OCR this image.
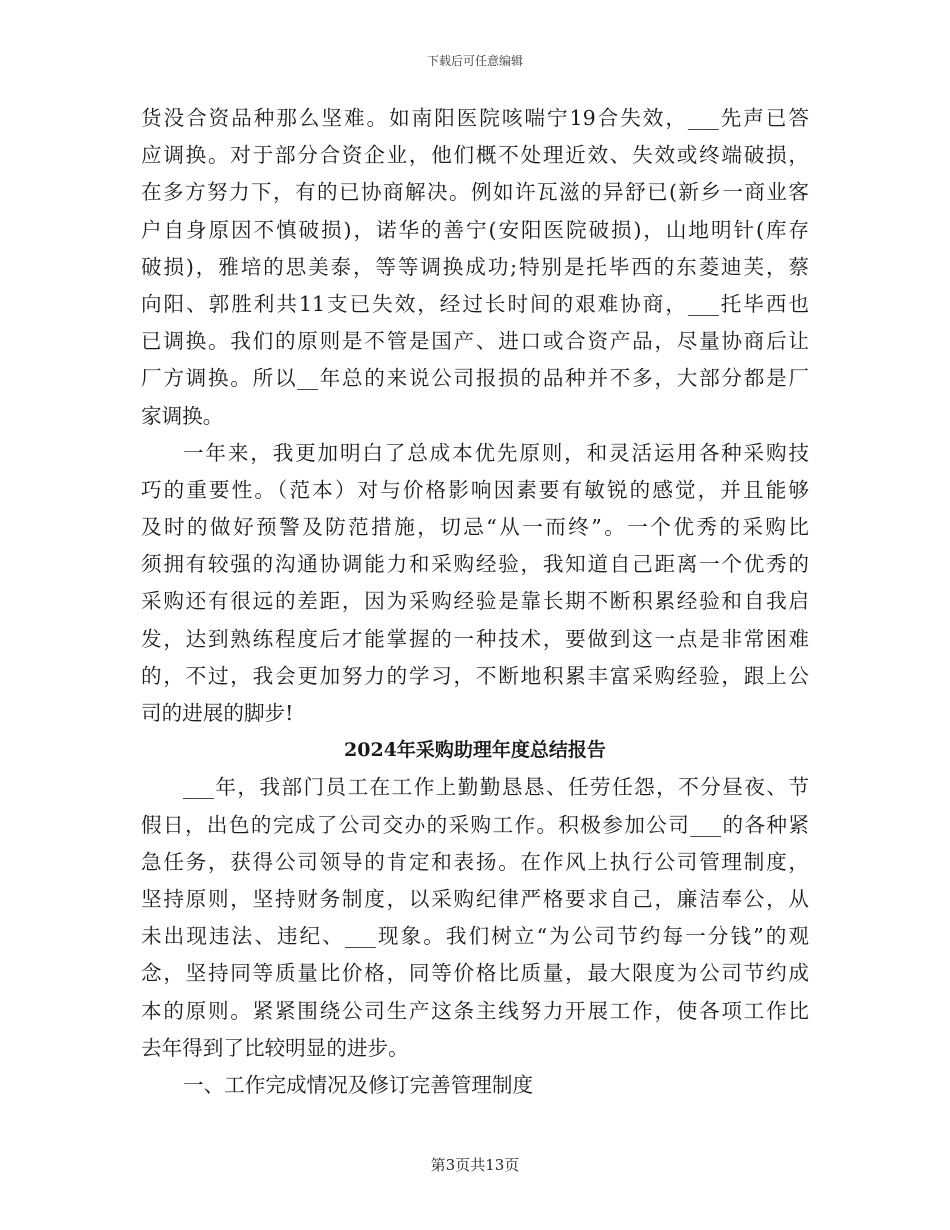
下载后可任意编辑
货没合资品种那么坚难。如南阳医院咳喘宁19合失效，___先声已答
应调换。对于部分合资企业，他们概不处理近效、失效或终端破损，
在多方努力下，有的已协商解决。例如许瓦滋的异舒已(新乡一商业客
户自身原因不慎破损)，诺华的善宁(安阳医院破损)，山地明针(库存
破损)，雅培的思美泰，等等调换成功;特别是托毕西的东菱迪芙，蔡
向阳、郭胜利共11支已失效，经过长时间的艰难协商，___托毕西也
已调换。我们的原则是不管是国产、进口或合资产品，尽量协商后让
厂方调换。所以__年总的来说公司报损的品种并不多，大部分都是厂
家调换。
一年来，我更加明白了总成本优先原则，和灵活运用各种采购技
巧的重要性。（范本）对与价格影响因素要有敏锐的感觉，并且能够
及时的做好预警及防范措施，切忌“从一而终”。一个优秀的采购比
须拥有较强的沟通协调能力和采购经验，我知道自己距离一个优秀的
采购还有很远的差距，因为采购经验是靠长期不断积累经验和自我启
发，达到熟练程度后才能掌握的一种技术，要做到这一点是非常困难
的，不过，我会更加努力的学习，不断地积累丰富采购经验，跟上公
司的进展的脚步!
2024年采购助理年度总结报告
___年，我部门员工在工作上勤勤恳恳、任劳任怨，不分昼夜、节
假日，出色的完成了公司交办的采购工作。积极参加公司___的各种紧
急任务，获得公司领导的肯定和表扬。在作风上执行公司管理制度，
坚持原则，坚持财务制度，以采购纪律严格要求自己，廉洁奉公，从
未出现违法、违纪、___现象。我们树立“为公司节约每一分钱”的观
念，坚持同等质量比价格，同等价格比质量，最大限度为公司节约成
本的原则。紧紧围绕公司生产这条主线努力开展工作，使各项工作比
去年得到了比较明显的进步。
一、工作完成情况及修订完善管理制度
第3页共13页
